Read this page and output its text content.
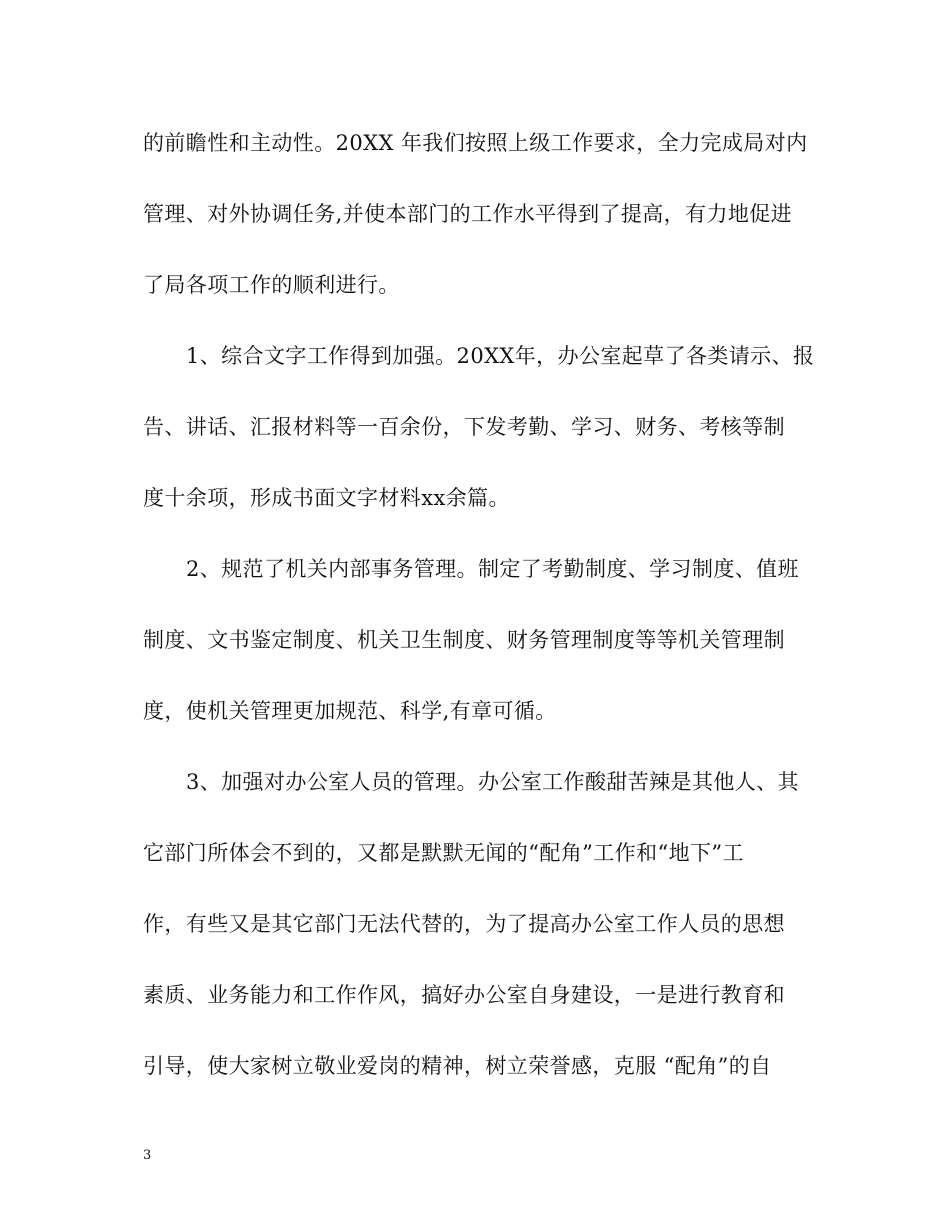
的前瞻性和主动性。20XX 年我们按照上级工作要求，全力完成局对内
管理、对外协调任务,并使本部门的工作水平得到了提高，有力地促进
了局各项工作的顺利进行。
1、综合文字工作得到加强。20XX年，办公室起草了各类请示、报
告、讲话、汇报材料等一百余份，下发考勤、学习、财务、考核等制
度十余项，形成书面文字材料xx余篇。
2、规范了机关内部事务管理。制定了考勤制度、学习制度、值班
制度、文书鉴定制度、机关卫生制度、财务管理制度等等机关管理制
度，使机关管理更加规范、科学,有章可循。
3、加强对办公室人员的管理。办公室工作酸甜苦辣是其他人、其
它部门所体会不到的，又都是默默无闻的“配角”工作和“地下”工
作，有些又是其它部门无法代替的，为了提高办公室工作人员的思想
素质、业务能力和工作作风，搞好办公室自身建设，一是进行教育和
引导，使大家树立敬业爱岗的精神，树立荣誉感，克服 “配角”的自
3
